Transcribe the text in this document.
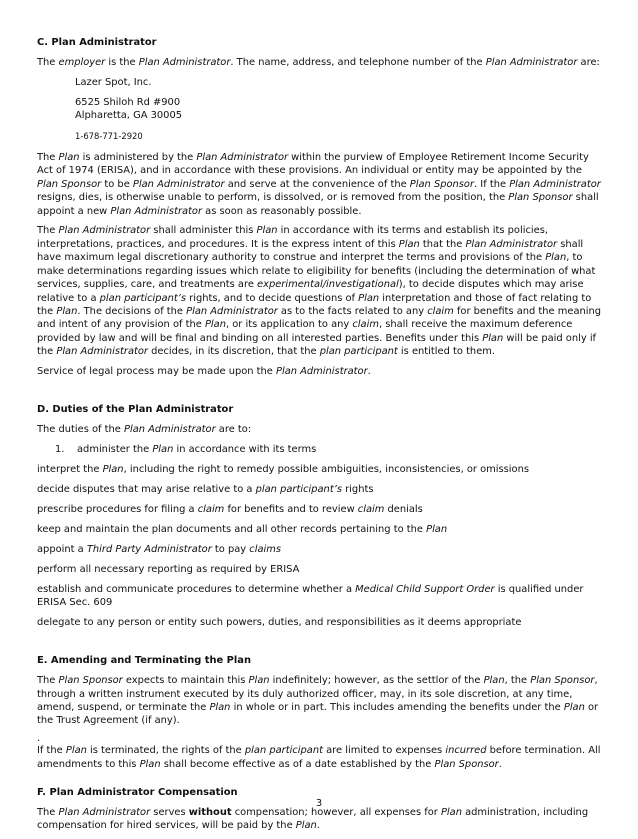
C. Plan Administrator

The employer is the Plan Administrator. The name, address, and telephone number of the Plan Administrator are:

Lazer Spot, Inc.
6525 Shiloh Rd #900
Alpharetta, GA 30005
1-678-771-2920

The Plan is administered by the Plan Administrator within the purview of Employee Retirement Income Security Act of 1974 (ERISA), and in accordance with these provisions. An individual or entity may be appointed by the Plan Sponsor to be Plan Administrator and serve at the convenience of the Plan Sponsor. If the Plan Administrator resigns, dies, is otherwise unable to perform, is dissolved, or is removed from the position, the Plan Sponsor shall appoint a new Plan Administrator as soon as reasonably possible.

The Plan Administrator shall administer this Plan in accordance with its terms and establish its policies, interpretations, practices, and procedures. It is the express intent of this Plan that the Plan Administrator shall have maximum legal discretionary authority to construe and interpret the terms and provisions of the Plan, to make determinations regarding issues which relate to eligibility for benefits (including the determination of what services, supplies, care, and treatments are experimental/investigational), to decide disputes which may arise relative to a plan participant’s rights, and to decide questions of Plan interpretation and those of fact relating to the Plan. The decisions of the Plan Administrator as to the facts related to any claim for benefits and the meaning and intent of any provision of the Plan, or its application to any claim, shall receive the maximum deference provided by law and will be final and binding on all interested parties. Benefits under this Plan will be paid only if the Plan Administrator decides, in its discretion, that the plan participant is entitled to them.

Service of legal process may be made upon the Plan Administrator.

D. Duties of the Plan Administrator

The duties of the Plan Administrator are to:

1. administer the Plan in accordance with its terms
interpret the Plan, including the right to remedy possible ambiguities, inconsistencies, or omissions
decide disputes that may arise relative to a plan participant’s rights
prescribe procedures for filing a claim for benefits and to review claim denials
keep and maintain the plan documents and all other records pertaining to the Plan
appoint a Third Party Administrator to pay claims
perform all necessary reporting as required by ERISA
establish and communicate procedures to determine whether a Medical Child Support Order is qualified under ERISA Sec. 609
delegate to any person or entity such powers, duties, and responsibilities as it deems appropriate
E. Amending and Terminating the Plan

The Plan Sponsor expects to maintain this Plan indefinitely; however, as the settlor of the Plan, the Plan Sponsor, through a written instrument executed by its duly authorized officer, may, in its sole discretion, at any time, amend, suspend, or terminate the Plan in whole or in part. This includes amending the benefits under the Plan or the Trust Agreement (if any).

.

If the Plan is terminated, the rights of the plan participant are limited to expenses incurred before termination. All amendments to this Plan shall become effective as of a date established by the Plan Sponsor.

F. Plan Administrator Compensation

The Plan Administrator serves without compensation; however, all expenses for Plan administration, including compensation for hired services, will be paid by the Plan.

3
